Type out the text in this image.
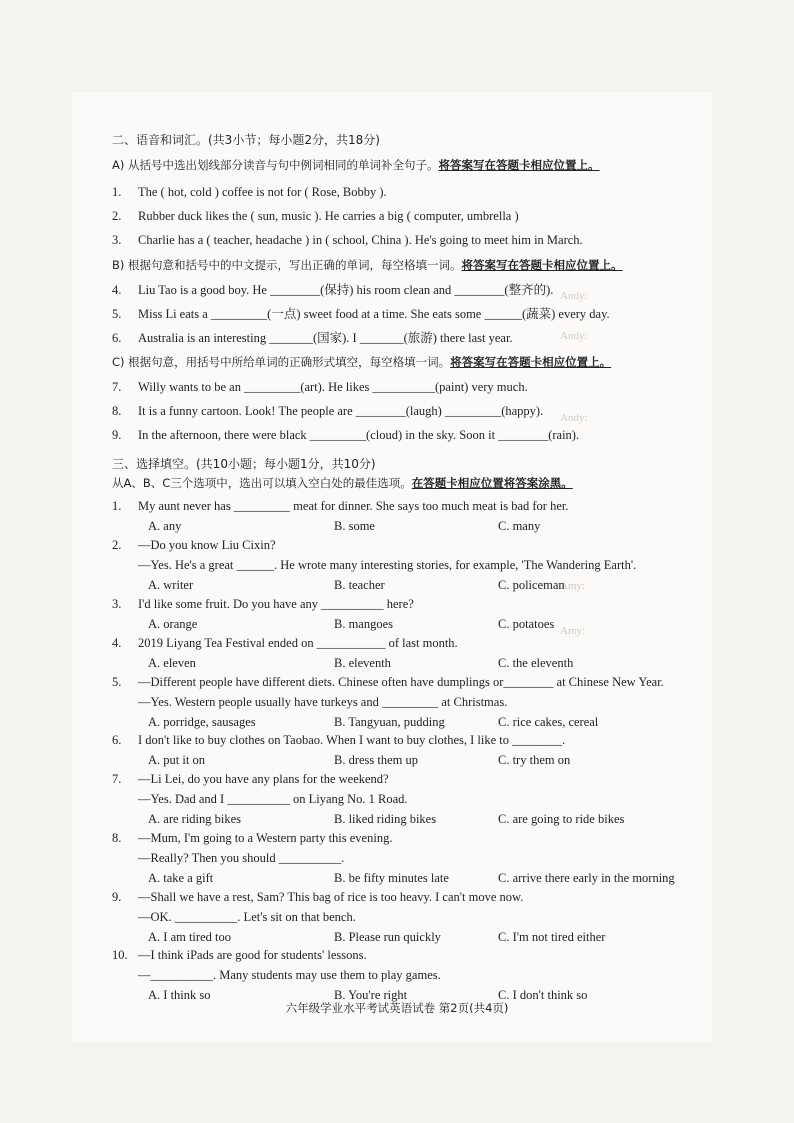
Andy:
Andy:
Andy:
Amy:
Amy:
二、语音和词汇。(共3小节；每小题2分，共18分)
A) 从括号中选出划线部分读音与句中例词相同的单词补全句子。将答案写在答题卡相应位置上。
1. The ( hot, cold ) coffee is not for ( Rose, Bobby ).
2. Rubber duck likes the ( sun, music ). He carries a big ( computer, umbrella )
3. Charlie has a ( teacher, headache ) in ( school, China ). He's going to meet him in March.
B) 根据句意和括号中的中文提示，写出正确的单词，每空格填一词。将答案写在答题卡相应位置上。
4. Liu Tao is a good boy. He ________(保持) his room clean and ________(整齐的).
5. Miss Li eats a _________(一点) sweet food at a time. She eats some ______(蔬菜) every day.
6. Australia is an interesting _______(国家). I _______(旅游) there last year.
C) 根据句意，用括号中所给单词的正确形式填空，每空格填一词。将答案写在答题卡相应位置上。
7. Willy wants to be an _________(art). He likes __________(paint) very much.
8. It is a funny cartoon. Look! The people are ________(laugh) _________(happy).
9. In the afternoon, there were black _________(cloud) in the sky. Soon it ________(rain).
三、选择填空。(共10小题；每小题1分，共10分)
从A、B、C三个选项中，选出可以填入空白处的最佳选项。在答题卡相应位置将答案涂黑。
1. My aunt never has _________ meat for dinner. She says too much meat is bad for her.
A. any	B. some	C. many
2. —Do you know Liu Cixin?
—Yes. He's a great ______. He wrote many interesting stories, for example, 'The Wandering Earth'.
A. writer	B. teacher	C. policeman
3. I'd like some fruit. Do you have any __________ here?
A. orange	B. mangoes	C. potatoes
4. 2019 Liyang Tea Festival ended on ___________ of last month.
A. eleven	B. eleventh	C. the eleventh
5. —Different people have different diets. Chinese often have dumplings or________ at Chinese New Year.
—Yes. Western people usually have turkeys and _________ at Christmas.
A. porridge, sausages	B. Tangyuan, pudding	C. rice cakes, cereal
6. I don't like to buy clothes on Taobao. When I want to buy clothes, I like to ________.
A. put it on	B. dress them up	C. try them on
7. —Li Lei, do you have any plans for the weekend?
—Yes. Dad and I __________ on Liyang No. 1 Road.
A. are riding bikes	B. liked riding bikes	C. are going to ride bikes
8. —Mum, I'm going to a Western party this evening.
—Really? Then you should __________.
A. take a gift	B. be fifty minutes late	C. arrive there early in the morning
9. —Shall we have a rest, Sam? This bag of rice is too heavy. I can't move now.
—OK. __________. Let's sit on that bench.
A. I am tired too	B. Please run quickly	C. I'm not tired either
10. —I think iPads are good for students' lessons.
—__________. Many students may use them to play games.
A. I think so	B. You're right	C. I don't think so
六年级学业水平考试英语试卷 第2页(共4页)
